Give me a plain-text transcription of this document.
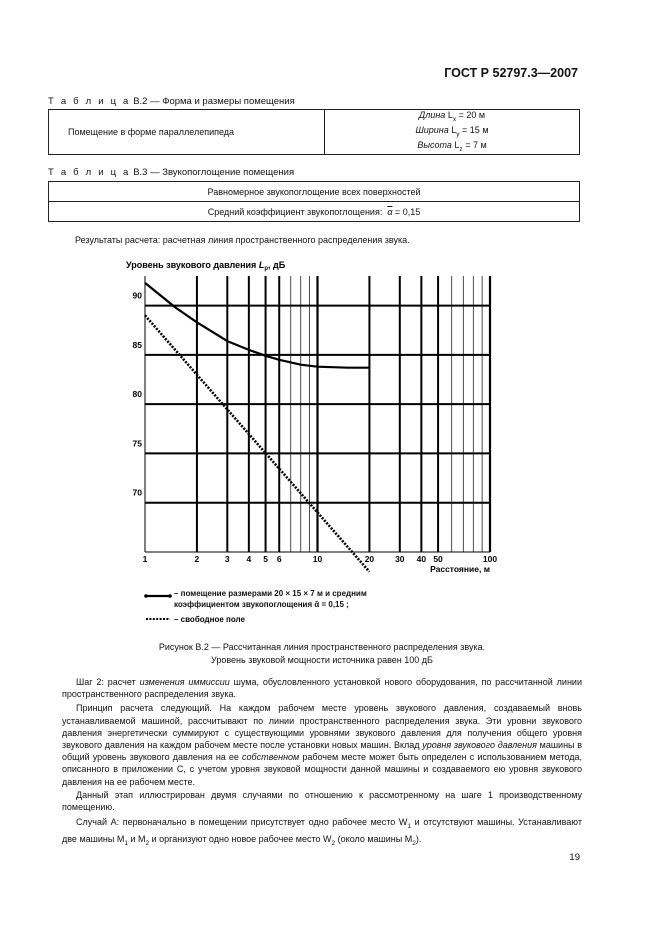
ГОСТ Р 52797.3—2007
Т а б л и ц а В.2 — Форма и размеры помещения
Помещение в форме параллелепипеда	
Длина $L_x = 20$ м
Ширина $L_y = 15$ м
Высота $L_z = 7$ м
Т а б л и ц а В.3 — Звукопоглощение помещения
Равномерное звукопоглощение всех поверхностей
Средний коэффициент звукопоглощения: $\overline{\alpha} = 0,15$
Результаты расчета: расчетная линия пространственного распределения звука.
Уровень звукового давления $L_p$, дБ
1	2	3 4 5 6	10	20 30 40 50	100
70
75
80
85
90
Расстояние, м
– помещение размерами 20 × 15 × 7 м и средним коэффициентом звукопоглощения ᾱ = 0,15 ;
– свободное поле
Рисунок В.2 — Рассчитанная линия пространственного распределения звука.
Уровень звуковой мощности источника равен 100 дБ
Шаг 2: расчет изменения иммиссии шума, обусловленного установкой нового оборудования, по рассчитанной линии пространственного распределения звука.
Принцип расчета следующий. На каждом рабочем месте уровень звукового давления, создаваемый вновь устанавливаемой машиной, рассчитывают по линии пространственного распределения звука. Эти уровни звукового давления энергетически суммируют с существующими уровнями звукового давления для получения общего уровня звукового давления на каждом рабочем месте после установки новых машин. Вклад уровня звукового давления машины в общий уровень звукового давления на ее собственном рабочем месте может быть определен с использованием метода, описанного в приложении С, с учетом уровня звуковой мощности данной машины и создаваемого ею уровня звукового давления на ее рабочем месте.
Данный этап иллюстрирован двумя случаями по отношению к рассмотренному на шаге 1 производственному помещению.
Случай А: первоначально в помещении присутствует одно рабочее место $W_1$ и отсутствуют машины. Устанавливают две машины $M_1$ и $M_2$ и организуют одно новое рабочее место $W_2$ (около машины $M_2$).
19
